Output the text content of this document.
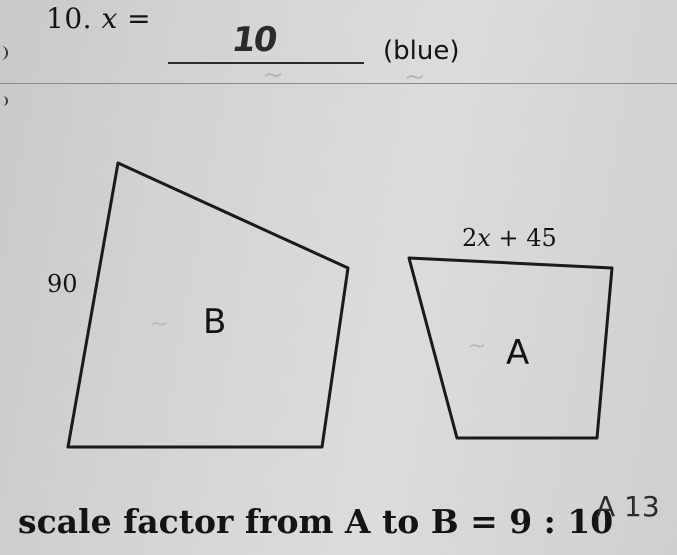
10. x =
10	(blue)
~	~
~
~
B
A
90
2x + 45
scale factor from A to B = 9 : 10
A 13
